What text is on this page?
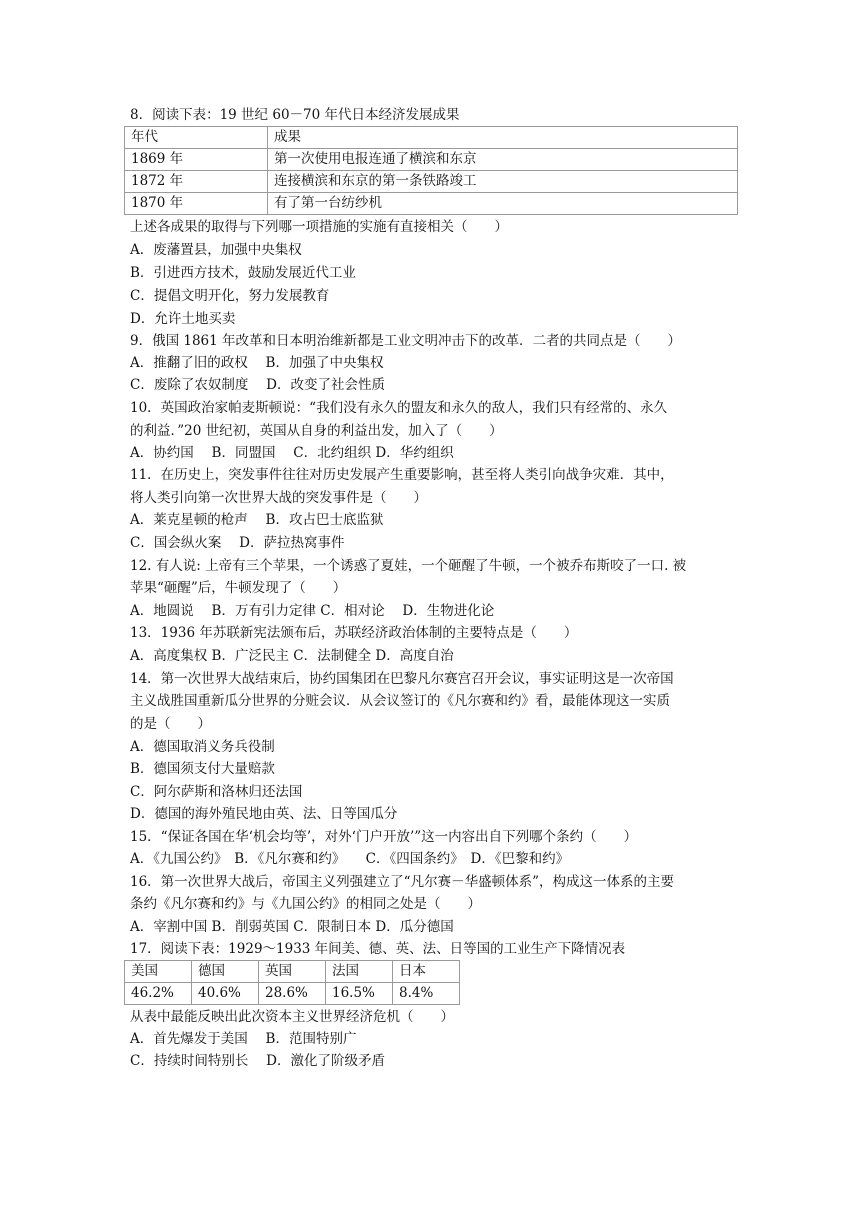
8．阅读下表：19 世纪 60－70 年代日本经济发展成果
年代	成果
1869 年	第一次使用电报连通了横滨和东京
1872 年	连接横滨和东京的第一条铁路竣工
1870 年	有了第一台纺纱机
上述各成果的取得与下列哪一项措施的实施有直接相关（　　）
A．废藩置县，加强中央集权
B．引进西方技术，鼓励发展近代工业
C．提倡文明开化，努力发展教育
D．允许土地买卖
9．俄国 1861 年改革和日本明治维新都是工业文明冲击下的改革．二者的共同点是（　　）
A．推翻了旧的政权　 B．加强了中央集权
C．废除了农奴制度　 D．改变了社会性质
10．英国政治家帕麦斯顿说：“我们没有永久的盟友和永久的敌人，我们只有经常的、永久
的利益．”20 世纪初，英国从自身的利益出发，加入了（　　）
A．协约国　 B．同盟国　 C．北约组织 D．华约组织
11．在历史上，突发事件往往对历史发展产生重要影响，甚至将人类引向战争灾难．其中，
将人类引向第一次世界大战的突发事件是（　　）
A．莱克星顿的枪声　 B．攻占巴士底监狱
C．国会纵火案　 D．萨拉热窝事件
12. 有人说: 上帝有三个苹果，一个诱惑了夏娃，一个砸醒了牛顿，一个被乔布斯咬了一口. 被
苹果“砸醒”后，牛顿发现了（　　）
A．地圆说　 B．万有引力定律 C．相对论　 D．生物进化论
13．1936 年苏联新宪法颁布后，苏联经济政治体制的主要特点是（　　）
A．高度集权 B．广泛民主 C．法制健全 D．高度自治
14．第一次世界大战结束后，协约国集团在巴黎凡尔赛宫召开会议，事实证明这是一次帝国
主义战胜国重新瓜分世界的分赃会议．从会议签订的《凡尔赛和约》看，最能体现这一实质
的是（　　）
A．德国取消义务兵役制
B．德国须支付大量赔款
C．阿尔萨斯和洛林归还法国
D．德国的海外殖民地由英、法、日等国瓜分
15．“保证各国在华‘机会均等’，对外‘门户开放’”这一内容出自下列哪个条约（　　）
A．《九国公约》　B．《凡尔赛和约》　　C．《四国条约》　D．《巴黎和约》
16．第一次世界大战后，帝国主义列强建立了“凡尔赛－华盛顿体系”，构成这一体系的主要
条约《凡尔赛和约》与《九国公约》的相同之处是（　　）
A．宰割中国 B．削弱英国 C．限制日本 D．瓜分德国
17．阅读下表：1929～1933 年间美、德、英、法、日等国的工业生产下降情况表
美国	德国	英国	法国	日本
46.2%	40.6%	28.6%	16.5%	8.4%
从表中最能反映出此次资本主义世界经济危机（　　）
A．首先爆发于美国　 B．范围特别广
C．持续时间特别长　 D．激化了阶级矛盾
